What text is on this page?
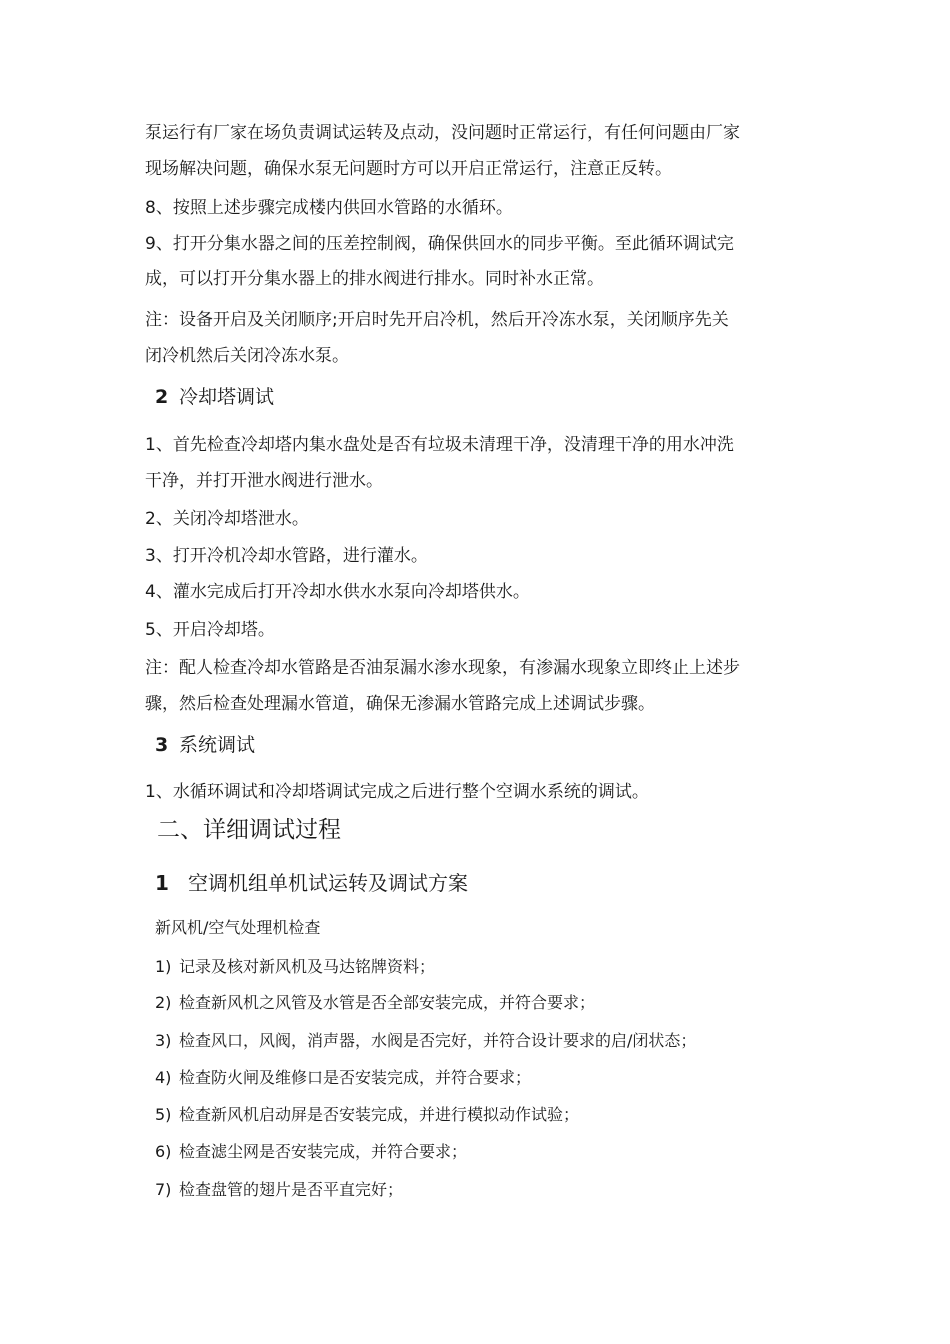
泵运行有厂家在场负责调试运转及点动，没问题时正常运行，有任何问题由厂家
现场解决问题，确保水泵无问题时方可以开启正常运行，注意正反转。
8、按照上述步骤完成楼内供回水管路的水循环。
9、打开分集水器之间的压差控制阀，确保供回水的同步平衡。至此循环调试完
成，可以打开分集水器上的排水阀进行排水。同时补水正常。
注：设备开启及关闭顺序;开启时先开启冷机，然后开冷冻水泵，关闭顺序先关
闭冷机然后关闭冷冻水泵。
2 冷却塔调试
1、首先检查冷却塔内集水盘处是否有垃圾未清理干净，没清理干净的用水冲洗
干净，并打开泄水阀进行泄水。
2、关闭冷却塔泄水。
3、打开冷机冷却水管路，进行灌水。
4、灌水完成后打开冷却水供水水泵向冷却塔供水。
5、开启冷却塔。
注：配人检查冷却水管路是否油泵漏水渗水现象，有渗漏水现象立即终止上述步
骤，然后检查处理漏水管道，确保无渗漏水管路完成上述调试步骤。
3 系统调试
1、水循环调试和冷却塔调试完成之后进行整个空调水系统的调试。
二、详细调试过程
1 空调机组单机试运转及调试方案
新风机/空气处理机检查
1) 记录及核对新风机及马达铭牌资料；
2) 检查新风机之风管及水管是否全部安装完成，并符合要求；
3) 检查风口，风阀，消声器，水阀是否完好，并符合设计要求的启/闭状态；
4) 检查防火闸及维修口是否安装完成，并符合要求；
5) 检查新风机启动屏是否安装完成，并进行模拟动作试验；
6) 检查滤尘网是否安装完成，并符合要求；
7) 检查盘管的翅片是否平直完好；
